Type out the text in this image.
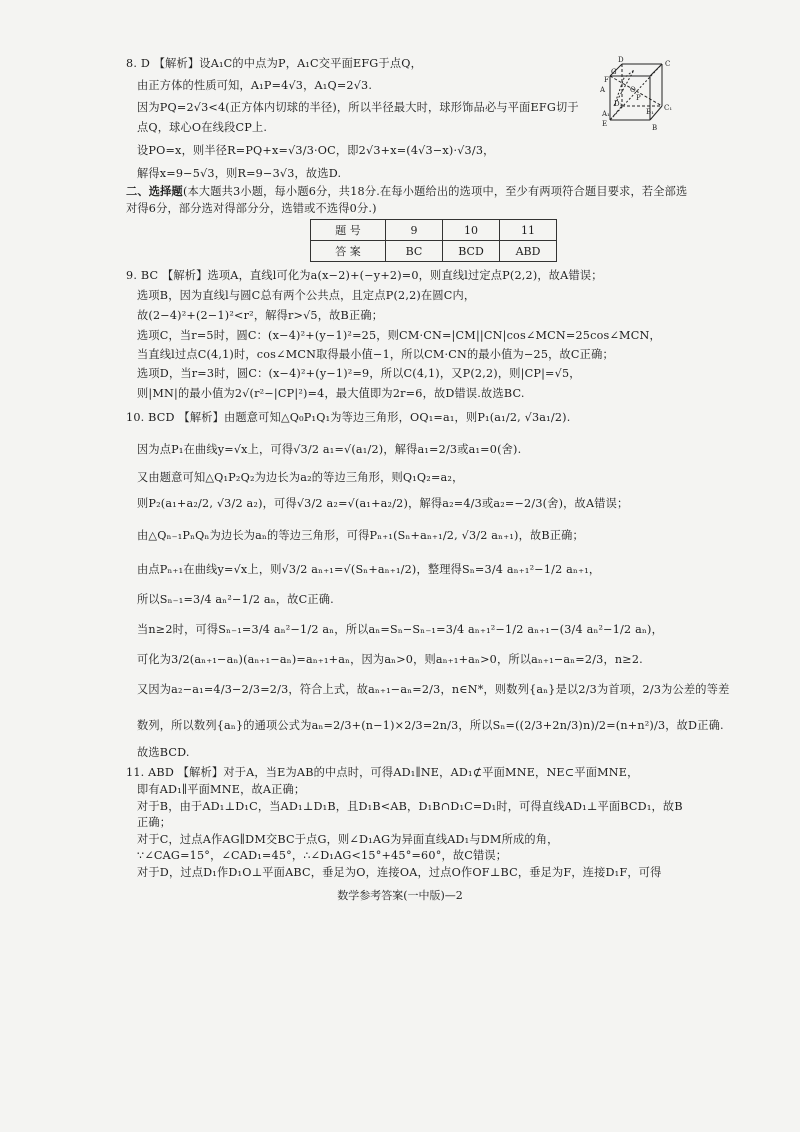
8. D 【解析】设A₁C的中点为P，A₁C交平面EFG于点Q，
由正方体的性质可知，A₁P=4√3，A₁Q=2√3.
因为PQ=2√3<4(正方体内切球的半径)，所以半径最大时，球形饰品必与平面EFG切于
点Q，球心O在线段CP上.
设PO=x，则半径R=PQ+x=√3/3·OC，即2√3+x=(4√3−x)·√3/3，
解得x=9−5√3，则R=9−3√3，故选D.
D	C
G
F
O
P
A
D₁	C₁
A₁
E
B₁
B
二、选择题(本大题共3小题，每小题6分，共18分.在每小题给出的选项中，至少有两项符合题目要求，若全部选
对得6分，部分选对得部分分，选错或不选得0分.)
题 号	9	10	11
答 案	BC	BCD	ABD
9. BC 【解析】选项A，直线l可化为a(x−2)+(−y+2)=0，则直线l过定点P(2,2)，故A错误；
选项B，因为直线l与圆C总有两个公共点，且定点P(2,2)在圆C内，
故(2−4)²+(2−1)²<r²，解得r>√5，故B正确；
选项C，当r=5时，圆C：(x−4)²+(y−1)²=25，则CM·CN=|CM||CN|cos∠MCN=25cos∠MCN，
当直线l过点C(4,1)时，cos∠MCN取得最小值−1，所以CM·CN的最小值为−25，故C正确；
选项D，当r=3时，圆C：(x−4)²+(y−1)²=9，所以C(4,1)，又P(2,2)，则|CP|=√5，
则|MN|的最小值为2√(r²−|CP|²)=4，最大值即为2r=6，故D错误.故选BC.
10. BCD 【解析】由题意可知△Q₀P₁Q₁为等边三角形，OQ₁=a₁，则P₁(a₁/2, √3a₁/2).
因为点P₁在曲线y=√x上，可得√3/2 a₁=√(a₁/2)，解得a₁=2/3或a₁=0(舍).
又由题意可知△Q₁P₂Q₂为边长为a₂的等边三角形，则Q₁Q₂=a₂，
则P₂(a₁+a₂/2, √3/2 a₂)，可得√3/2 a₂=√(a₁+a₂/2)，解得a₂=4/3或a₂=−2/3(舍)，故A错误；
由△Qₙ₋₁PₙQₙ为边长为aₙ的等边三角形，可得Pₙ₊₁(Sₙ+aₙ₊₁/2, √3/2 aₙ₊₁)，故B正确；
由点Pₙ₊₁在曲线y=√x上，则√3/2 aₙ₊₁=√(Sₙ+aₙ₊₁/2)，整理得Sₙ=3/4 aₙ₊₁²−1/2 aₙ₊₁，
所以Sₙ₋₁=3/4 aₙ²−1/2 aₙ，故C正确.
当n≥2时，可得Sₙ₋₁=3/4 aₙ²−1/2 aₙ，所以aₙ=Sₙ−Sₙ₋₁=3/4 aₙ₊₁²−1/2 aₙ₊₁−(3/4 aₙ²−1/2 aₙ)，
可化为3/2(aₙ₊₁−aₙ)(aₙ₊₁−aₙ)=aₙ₊₁+aₙ，因为aₙ>0，则aₙ₊₁+aₙ>0，所以aₙ₊₁−aₙ=2/3，n≥2.
又因为a₂−a₁=4/3−2/3=2/3，符合上式，故aₙ₊₁−aₙ=2/3，n∈N*，则数列{aₙ}是以2/3为首项，2/3为公差的等差
数列，所以数列{aₙ}的通项公式为aₙ=2/3+(n−1)×2/3=2n/3，所以Sₙ=((2/3+2n/3)n)/2=(n+n²)/3，故D正确.
故选BCD.
11. ABD 【解析】对于A，当E为AB的中点时，可得AD₁∥NE，AD₁⊄平面MNE，NE⊂平面MNE，
即有AD₁∥平面MNE，故A正确；
对于B，由于AD₁⊥D₁C，当AD₁⊥D₁B，且D₁B<AB，D₁B∩D₁C=D₁时，可得直线AD₁⊥平面BCD₁，故B
正确；
对于C，过点A作AG∥DM交BC于点G，则∠D₁AG为异面直线AD₁与DM所成的角，
∵∠CAG=15°，∠CAD₁=45°，∴∠D₁AG<15°+45°=60°，故C错误；
对于D，过点D₁作D₁O⊥平面ABC，垂足为O，连接OA，过点O作OF⊥BC，垂足为F，连接D₁F，可得
数学参考答案(一中版)—2
